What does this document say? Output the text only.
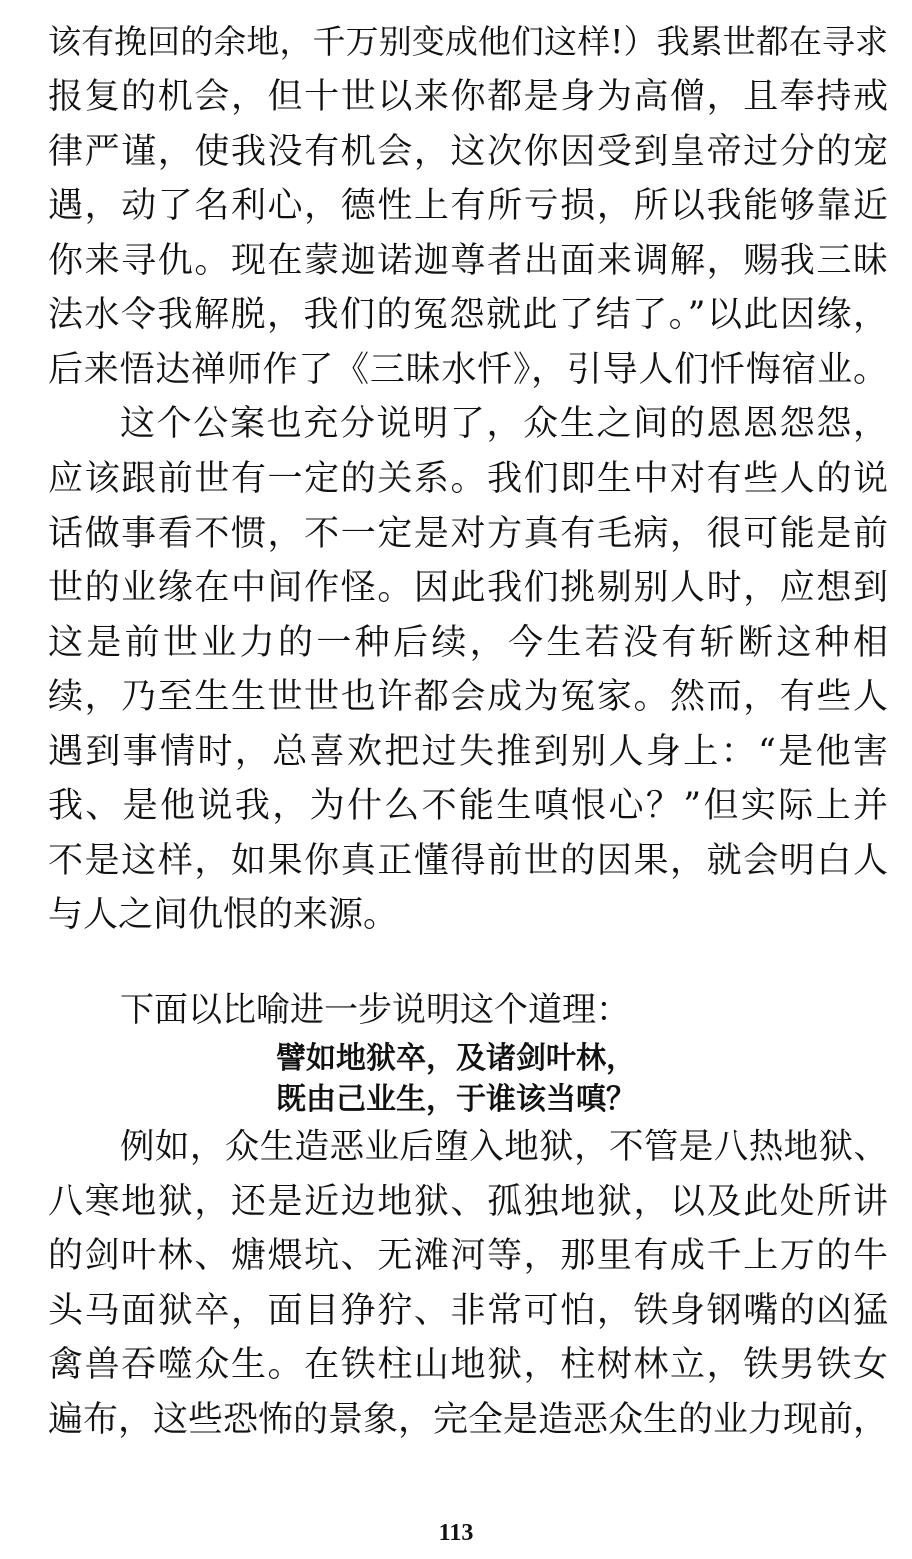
该有挽回的余地，千万别变成他们这样!）我累世都在寻求
报复的机会，但十世以来你都是身为高僧，且奉持戒
律严谨，使我没有机会，这次你因受到皇帝过分的宠
遇，动了名利心，德性上有所亏损，所以我能够靠近
你来寻仇。现在蒙迦诺迦尊者出面来调解，赐我三昧
法水令我解脱，我们的冤怨就此了结了。”以此因缘，
后来悟达禅师作了《三昧水忏》，引导人们忏悔宿业。
这个公案也充分说明了，众生之间的恩恩怨怨，
应该跟前世有一定的关系。我们即生中对有些人的说
话做事看不惯，不一定是对方真有毛病，很可能是前
世的业缘在中间作怪。因此我们挑剔别人时，应想到
这是前世业力的一种后续，今生若没有斩断这种相
续，乃至生生世世也许都会成为冤家。然而，有些人
遇到事情时，总喜欢把过失推到别人身上：“是他害
我、是他说我，为什么不能生嗔恨心？”但实际上并
不是这样，如果你真正懂得前世的因果，就会明白人
与人之间仇恨的来源。
下面以比喻进一步说明这个道理：
譬如地狱卒，及诸剑叶林，
既由己业生，于谁该当嗔？
例如，众生造恶业后堕入地狱，不管是八热地狱、
八寒地狱，还是近边地狱、孤独地狱，以及此处所讲
的剑叶林、煻煨坑、无滩河等，那里有成千上万的牛
头马面狱卒，面目狰狞、非常可怕，铁身钢嘴的凶猛
禽兽吞噬众生。在铁柱山地狱，柱树林立，铁男铁女
遍布，这些恐怖的景象，完全是造恶众生的业力现前，
113
